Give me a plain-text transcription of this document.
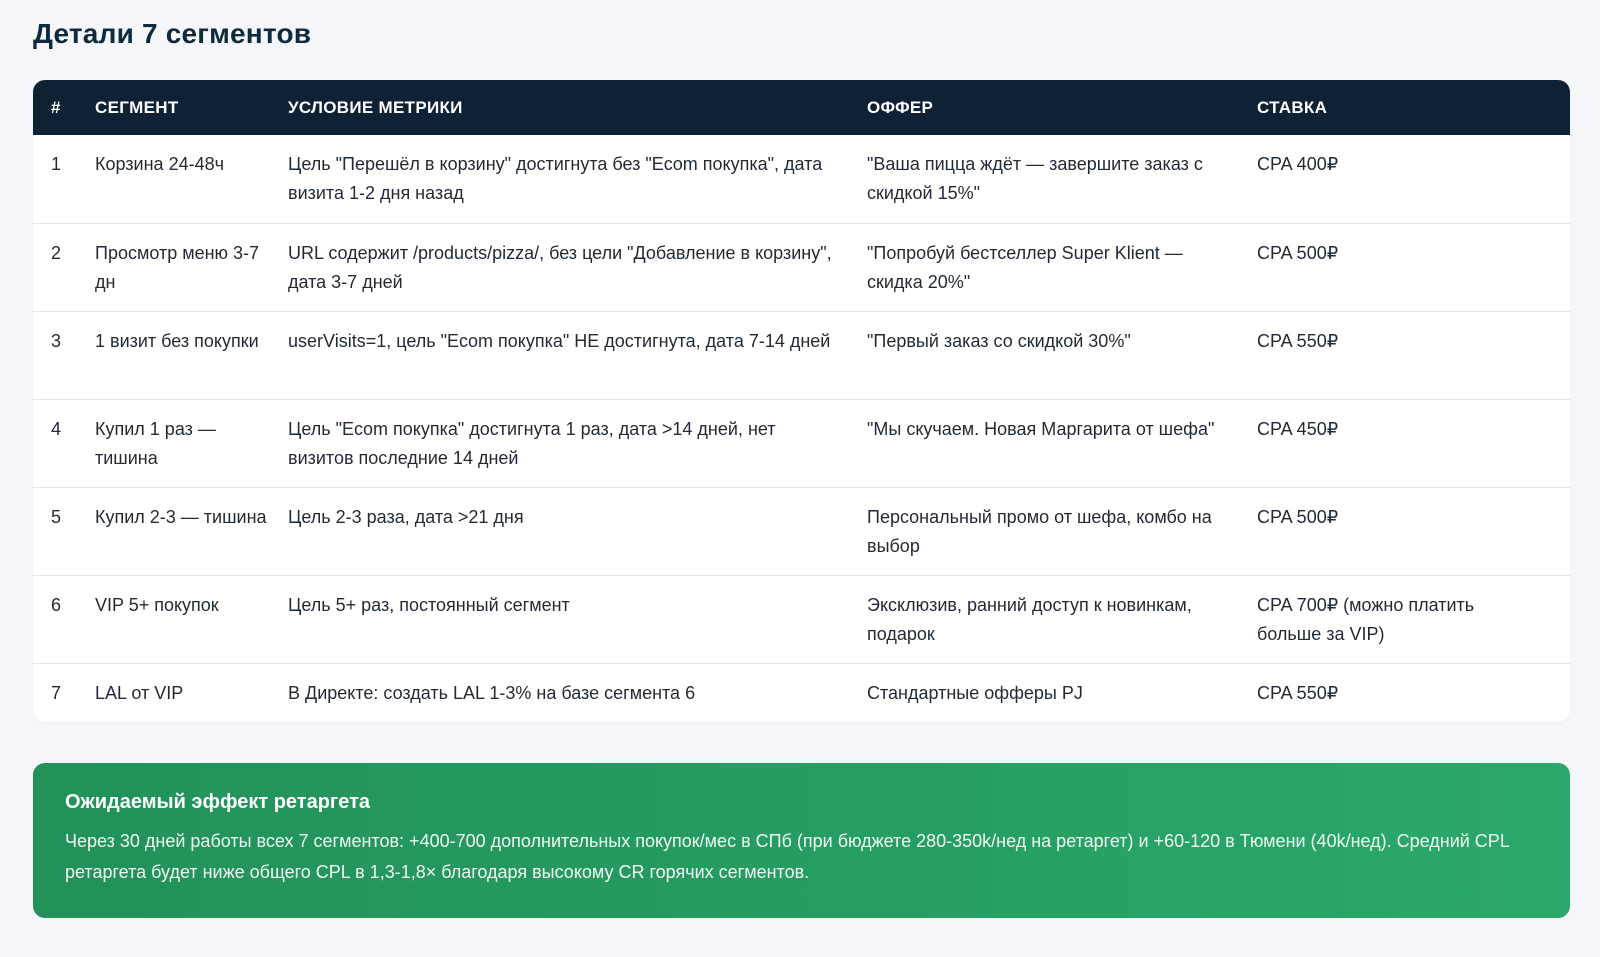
Детали 7 сегментов
#	СЕГМЕНТ	УСЛОВИЕ МЕТРИКИ	ОФФЕР	СТАВКА
1	Корзина 24-48ч	Цель "Перешёл в корзину" достигнута без "Ecom покупка", дата визита 1-2 дня назад	"Ваша пицца ждёт — завершите заказ с скидкой 15%"	CPA 400₽
2	Просмотр меню 3-7 дн	URL содержит /products/pizza/, без цели "Добавление в корзину", дата 3-7 дней	"Попробуй бестселлер Super Klient — скидка 20%"	CPA 500₽
3	1 визит без покупки	userVisits=1, цель "Ecom покупка" НЕ достигнута, дата 7-14 дней	"Первый заказ со скидкой 30%"	CPA 550₽
4	Купил 1 раз — тишина	Цель "Ecom покупка" достигнута 1 раз, дата >14 дней, нет визитов последние 14 дней	"Мы скучаем. Новая Маргарита от шефа"	CPA 450₽
5	Купил 2-3 — тишина	Цель 2-3 раза, дата >21 дня	Персональный промо от шефа, комбо на выбор	CPA 500₽
6	VIP 5+ покупок	Цель 5+ раз, постоянный сегмент	Эксклюзив, ранний доступ к новинкам, подарок	CPA 700₽ (можно платить больше за VIP)
7	LAL от VIP	В Директе: создать LAL 1-3% на базе сегмента 6	Стандартные офферы PJ	CPA 550₽

Ожидаемый эффект ретаргета

Через 30 дней работы всех 7 сегментов: +400-700 дополнительных покупок/мес в СПб (при бюджете 280-350k/нед на ретаргет) и +60-120 в Тюмени (40k/нед). Средний CPL ретаргета будет ниже общего CPL в 1,3-1,8× благодаря высокому CR горячих сегментов.
